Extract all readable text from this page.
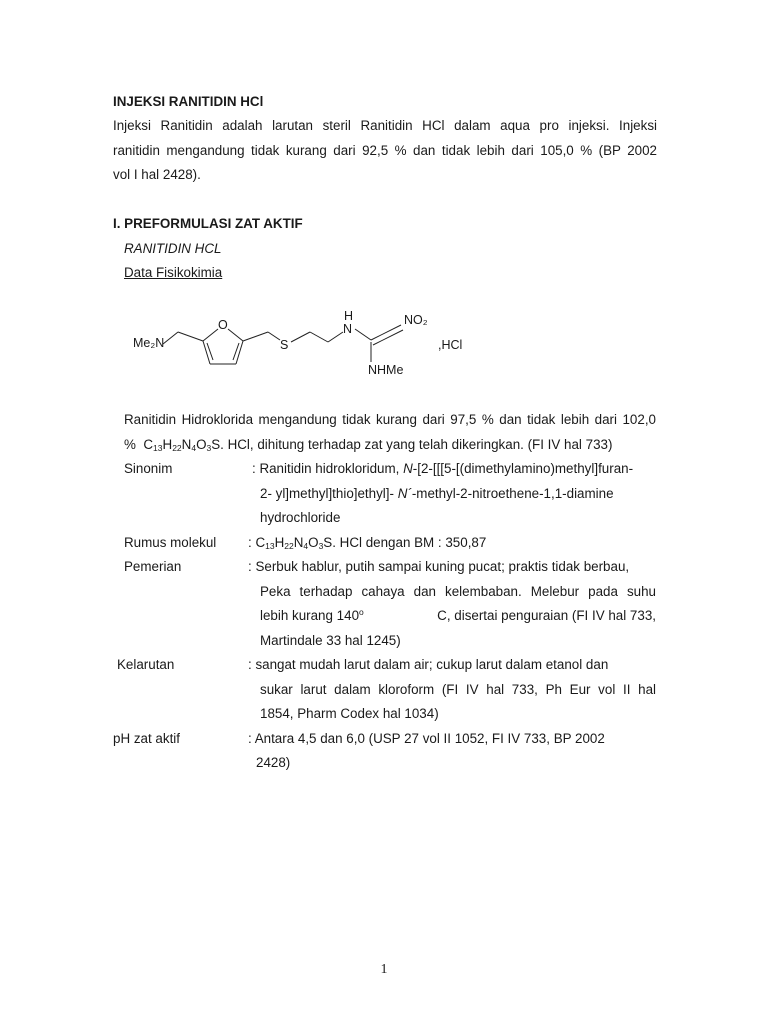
INJEKSI RANITIDIN HCl
Injeksi Ranitidin adalah larutan steril Ranitidin HCl dalam aqua pro injeksi. Injeksi
ranitidin mengandung tidak kurang dari 92,5 % dan tidak lebih dari 105,0 % (BP 2002
vol I hal 2428).
I. PREFORMULASI ZAT AKTIF
RANITIDIN HCL
Data Fisikokimia
Me₂N
O
S
H
N
NO₂
NHMe
,HCl
Ranitidin Hidroklorida mengandung tidak kurang dari 97,5 % dan tidak lebih dari 102,0
% $C_{13}H_{22}N_4O_3S$. HCl, dihitung terhadap zat yang telah dikeringkan. (FI IV hal 733)
Sinonim	: Ranitidin hidrokloridum, N-[2-[[[5-[(dimethylamino)methyl]furan-
2- yl]methyl]thio]ethyl]- N´-methyl-2-nitroethene-1,1-diamine
hydrochloride
Rumus molekul : $C_{13}H_{22}N_4O_3S$. HCl dengan BM : 350,87
Pemerian	: Serbuk hablur, putih sampai kuning pucat; praktis tidak berbau,
Peka terhadap cahaya dan kelembaban. Melebur pada suhu
lebih kurang 140$^o$	C, disertai penguraian (FI IV hal 733,
Martindale 33 hal 1245)
Kelarutan	: sangat mudah larut dalam air; cukup larut dalam etanol dan
sukar larut dalam kloroform (FI IV hal 733, Ph Eur vol II hal
1854, Pharm Codex hal 1034)
pH zat aktif	: Antara 4,5 dan 6,0 (USP 27 vol II 1052, FI IV 733, BP 2002
2428)
1
